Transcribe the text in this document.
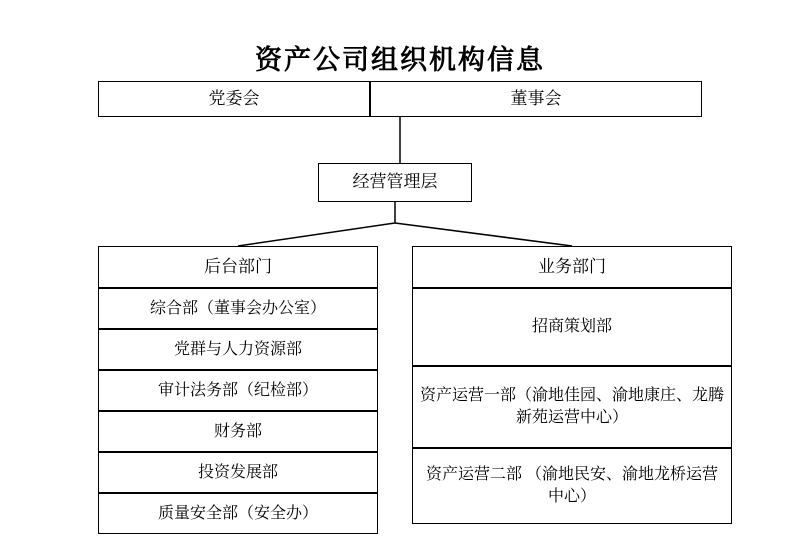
资产公司组织机构信息
党委会	董事会
经营管理层
后台部门	业务部门
综合部（董事会办公室）
党群与人力资源部
审计法务部（纪检部）
财务部
投资发展部
质量安全部（安全办）
招商策划部
资产运营一部（渝地佳园、渝地康庄、龙腾新苑运营中心）
资产运营二部 （渝地民安、渝地龙桥运营中心）
